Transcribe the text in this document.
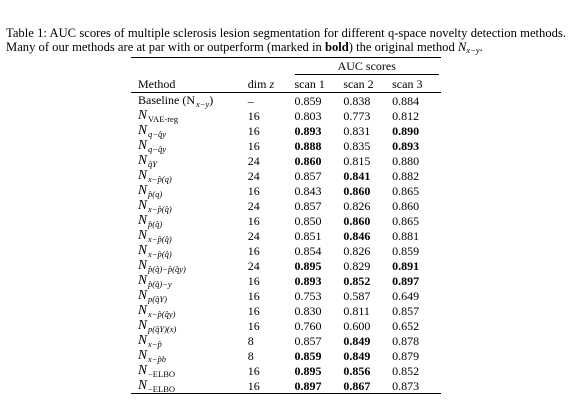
Table 1: AUC scores of multiple sclerosis lesion segmentation for different q-space novelty detection methods. Many of our methods are at par with or outperform (marked in bold) the original method $N_{x-y}$.

		AUC scores		

Method	dim z	scan 1	scan 2	scan 3
Baseline $(N_{x-y})$	–	0.859	0.838	0.884
$N_{VAE-reg}$	16	0.803	0.773	0.812
$N_{q-q̂y}$	16	0.893	0.831	0.890
$N_{q-q̂y}$	16	0.888	0.835	0.893
$N_{q̂Y}$	24	0.860	0.815	0.880
$N_{x-p̂(q)}$	24	0.857	0.841	0.882
$N_{p̂(q)}$	16	0.843	0.860	0.865
$N_{x-p̂(q̂)}$	24	0.857	0.826	0.860
$N_{p̂(q̂)}$	16	0.850	0.860	0.865
$N_{x-p̂(q̂)}$	24	0.851	0.846	0.881
$N_{x-p̂(q̂)}$	16	0.854	0.826	0.859
$N_{p̂(q̂)-p̂(q̂y)}$	24	0.895	0.829	0.891
$N_{p̂(q̂)-y}$	16	0.893	0.852	0.897
$N_{p(q̂Y)}$	16	0.753	0.587	0.649
$N_{x-p̂(q̂y)}$	16	0.830	0.811	0.857
$N_{p(q̂Y)(x)}$	16	0.760	0.600	0.652
$N_{x-p̂}$	8	0.857	0.849	0.878
$N_{x-p̂b}$	8	0.859	0.849	0.879
$N_{-ELBO}$	16	0.895	0.856	0.852
$N_{-ELBO}$	16	0.897	0.867	0.873
